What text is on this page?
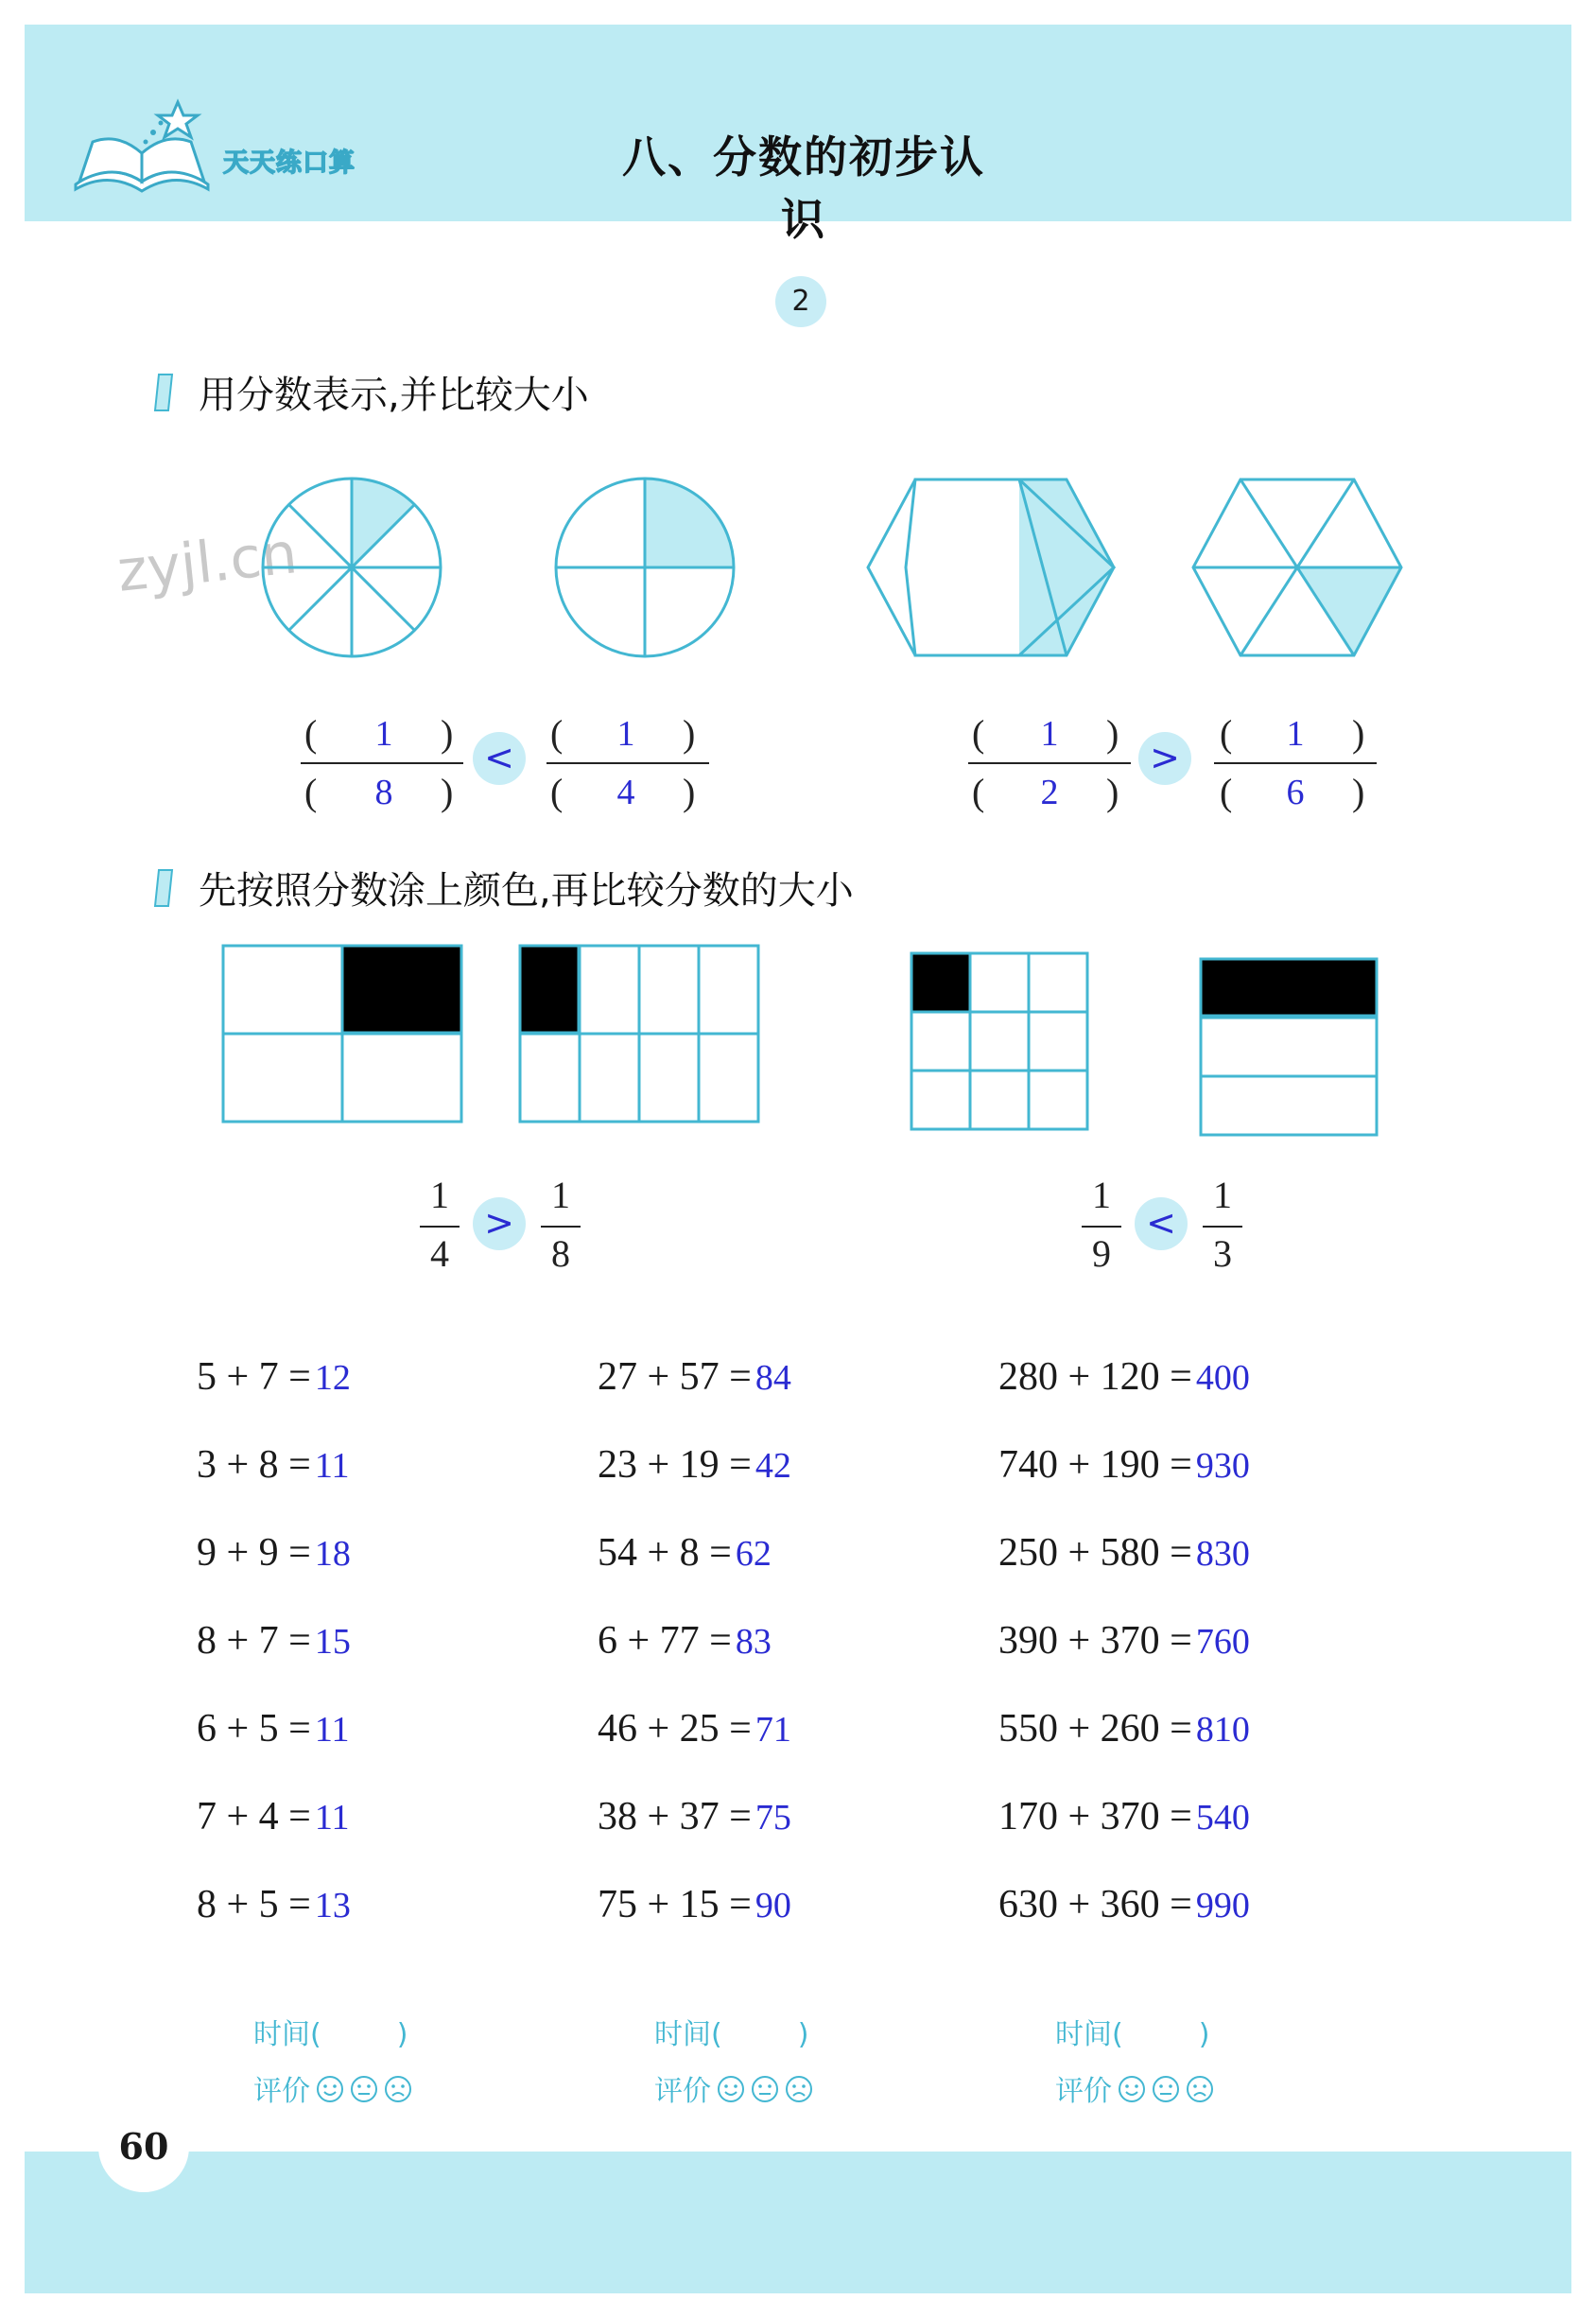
天天练口算	八、分数的初步认识
2
用分数表示,并比较大小
zyjl.cn
(	1	)
(	8	)
<
(	1	)
(	4	)
(	1	)
(	2	)
>
(	1	)
(	6	)
先按照分数涂上颜色,再比较分数的大小
1
4
>
1
8
1
9
<
1
3
5 + 7 = 12
3 + 8 = 11
9 + 9 = 18
8 + 7 = 15
6 + 5 = 11
7 + 4 = 11
8 + 5 = 13
时间(	)
评价
27 + 57 = 84
23 + 19 = 42
54 + 8 = 62
6 + 77 = 83
46 + 25 = 71
38 + 37 = 75
75 + 15 = 90
时间(	)
评价
280 + 120 = 400
740 + 190 = 930
250 + 580 = 830
390 + 370 = 760
550 + 260 = 810
170 + 370 = 540
630 + 360 = 990
时间(	)
评价
60
